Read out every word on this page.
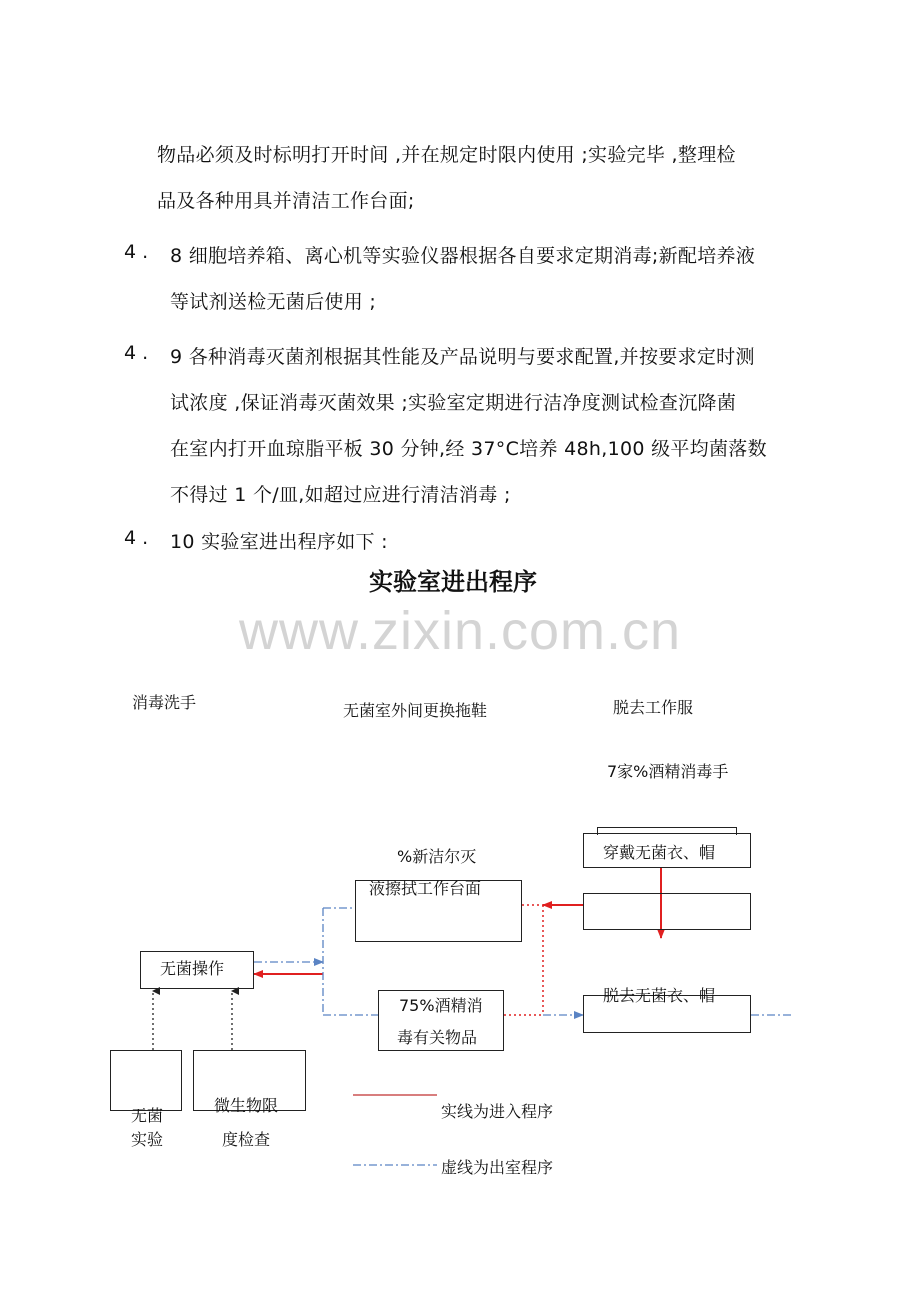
物品必须及时标明打开时间 ,并在规定时限内使用 ;实验完毕 ,整理检
品及各种用具并清洁工作台面;
4 . 8 细胞培养箱、离心机等实验仪器根据各自要求定期消毒;新配培养液
等试剂送检无菌后使用 ;
4 . 9 各种消毒灭菌剂根据其性能及产品说明与要求配置,并按要求定时测
试浓度 ,保证消毒灭菌效果 ;实验室定期进行洁净度测试检查沉降菌
在室内打开血琼脂平板 30 分钟,经 37°C培养 48h,100 级平均菌落数
不得过 1 个/皿,如超过应进行清洁消毒 ;
4 . 10 实验室进出程序如下 :
实验室进出程序
www.zixin.com.cn
消毒洗手	无菌室外间更换拖鞋	脱去工作服
7家%酒精消毒手
穿戴无菌衣、帽
%新洁尔灭
液擦拭工作台面
无菌操作
75%酒精消
毒有关物品
脱去无菌衣、帽
无菌
实验
微生物限
度检查
实线为进入程序
虚线为出室程序
